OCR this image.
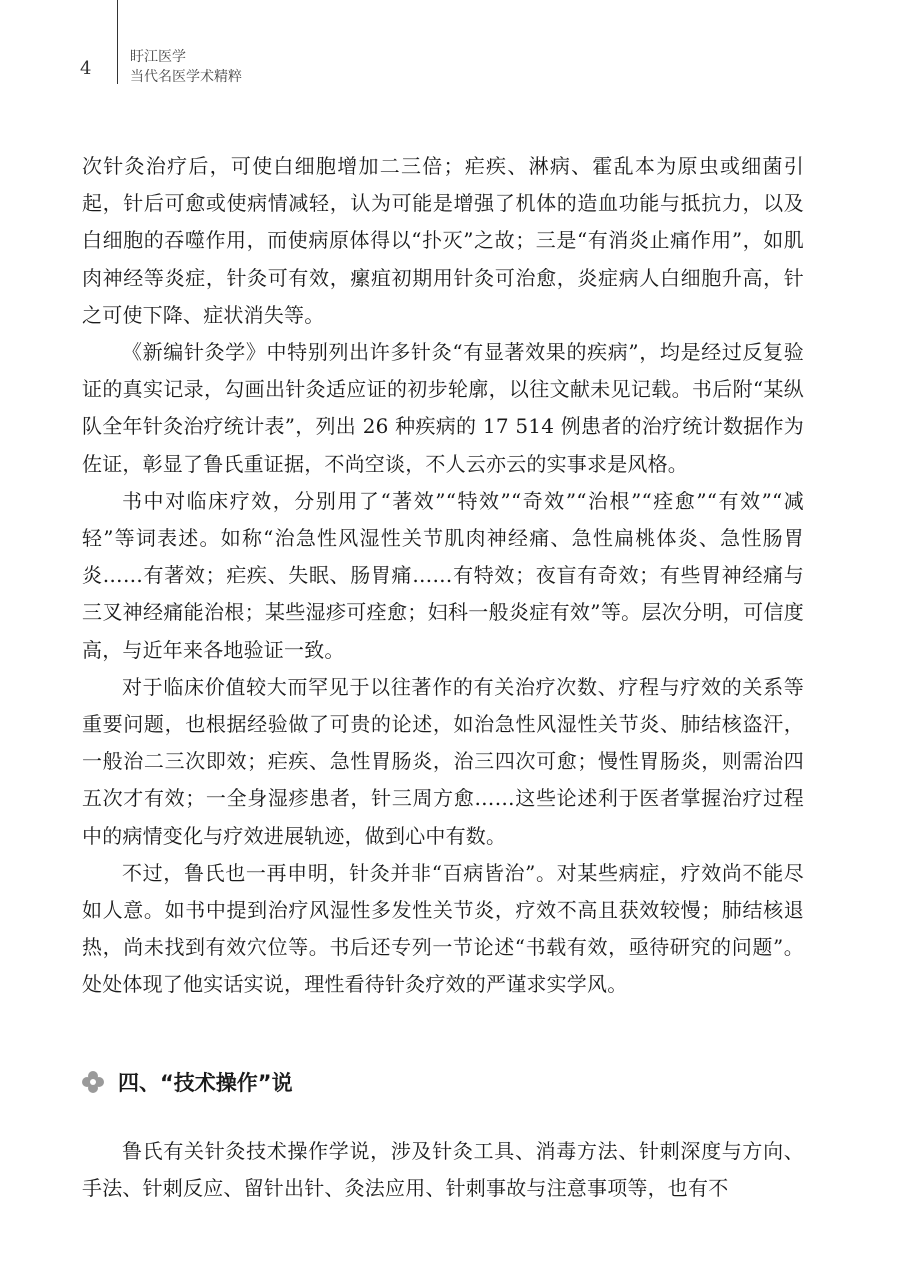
4
盱江医学
当代名医学术精粹

次针灸治疗后，可使白细胞增加二三倍；疟疾、淋病、霍乱本为原虫或细菌引起，针后可愈或使病情减轻，认为可能是增强了机体的造血功能与抵抗力，以及白细胞的吞噬作用，而使病原体得以“扑灭”之故；三是“有消炎止痛作用”，如肌肉神经等炎症，针灸可有效，瘰疽初期用针灸可治愈，炎症病人白细胞升高，针之可使下降、症状消失等。

《新编针灸学》中特别列出许多针灸“有显著效果的疾病”，均是经过反复验证的真实记录，勾画出针灸适应证的初步轮廓，以往文献未见记载。书后附“某纵队全年针灸治疗统计表”，列出 26 种疾病的 17 514 例患者的治疗统计数据作为佐证，彰显了鲁氏重证据，不尚空谈，不人云亦云的实事求是风格。

书中对临床疗效，分别用了“著效”“特效”“奇效”“治根”“痊愈”“有效”“减轻”等词表述。如称“治急性风湿性关节肌肉神经痛、急性扁桃体炎、急性肠胃炎……有著效；疟疾、失眠、肠胃痛……有特效；夜盲有奇效；有些胃神经痛与三叉神经痛能治根；某些湿疹可痊愈；妇科一般炎症有效”等。层次分明，可信度高，与近年来各地验证一致。

对于临床价值较大而罕见于以往著作的有关治疗次数、疗程与疗效的关系等重要问题，也根据经验做了可贵的论述，如治急性风湿性关节炎、肺结核盗汗，一般治二三次即效；疟疾、急性胃肠炎，治三四次可愈；慢性胃肠炎，则需治四五次才有效；一全身湿疹患者，针三周方愈……这些论述利于医者掌握治疗过程中的病情变化与疗效进展轨迹，做到心中有数。

不过，鲁氏也一再申明，针灸并非“百病皆治”。对某些病症，疗效尚不能尽如人意。如书中提到治疗风湿性多发性关节炎，疗效不高且获效较慢；肺结核退热，尚未找到有效穴位等。书后还专列一节论述“书载有效，亟待研究的问题”。处处体现了他实话实说，理性看待针灸疗效的严谨求实学风。

四、“技术操作”说

鲁氏有关针灸技术操作学说，涉及针灸工具、消毒方法、针刺深度与方向、手法、针刺反应、留针出针、灸法应用、针刺事故与注意事项等，也有不
